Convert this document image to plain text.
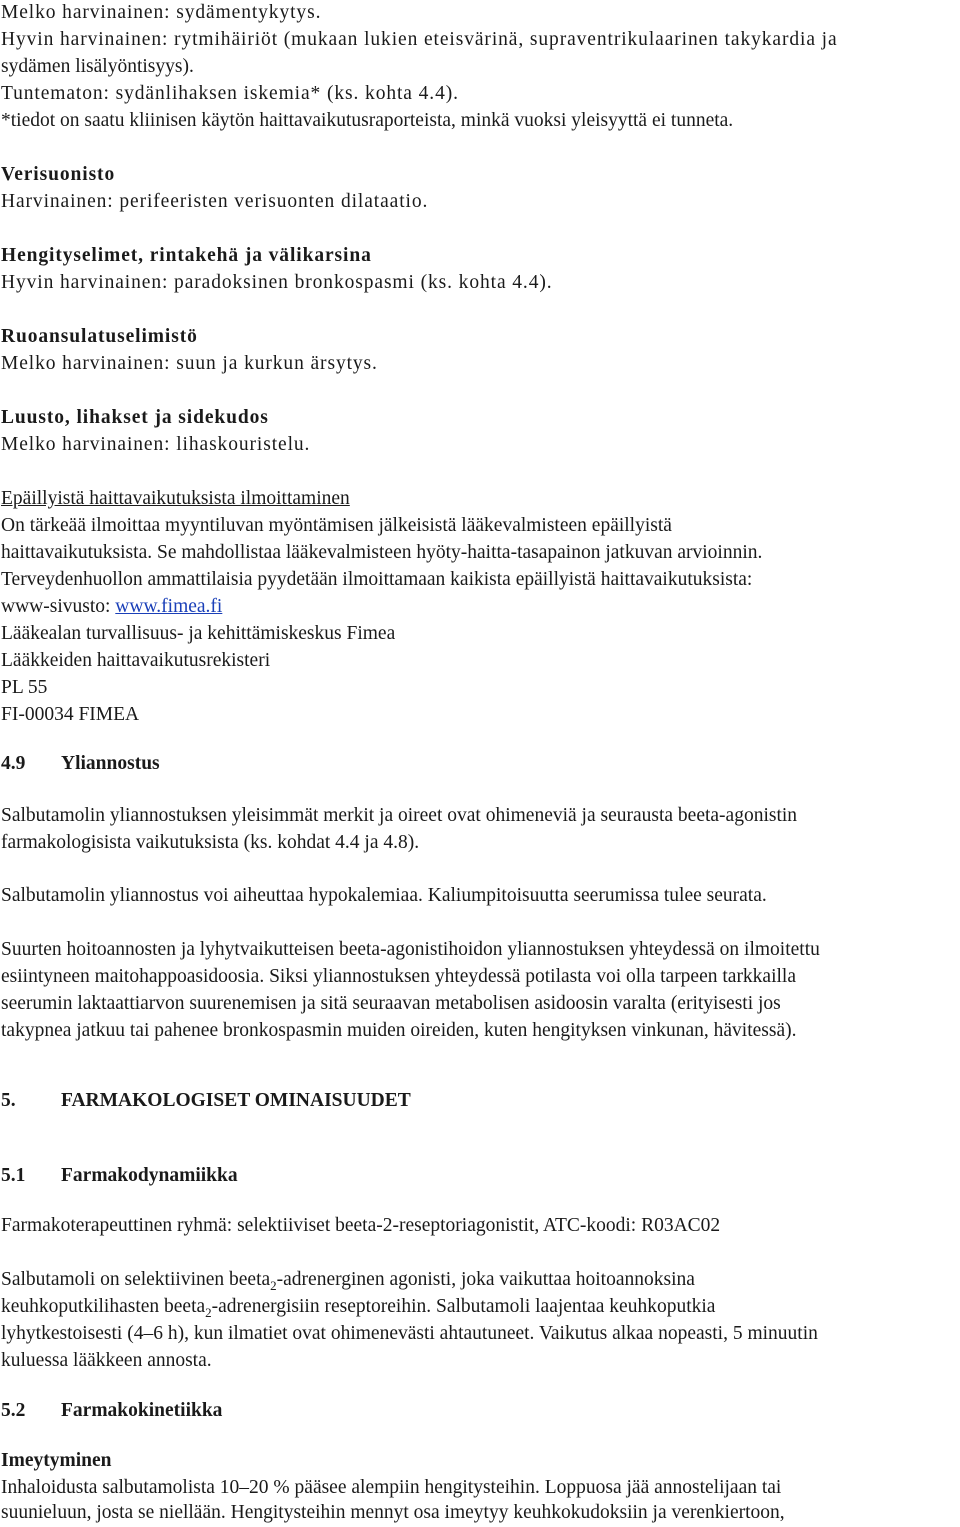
Melko harvinainen: sydämentykytys.
Hyvin harvinainen: rytmihäiriöt (mukaan lukien eteisvärinä, supraventrikulaarinen takykardia ja
sydämen lisälyöntisyys).
Tuntematon: sydänlihaksen iskemia* (ks. kohta 4.4).
*tiedot on saatu kliinisen käytön haittavaikutusraporteista, minkä vuoksi yleisyyttä ei tunneta.
Verisuonisto
Harvinainen: perifeeristen verisuonten dilataatio.
Hengityselimet, rintakehä ja välikarsina
Hyvin harvinainen: paradoksinen bronkospasmi (ks. kohta 4.4).
Ruoansulatuselimistö
Melko harvinainen: suun ja kurkun ärsytys.
Luusto, lihakset ja sidekudos
Melko harvinainen: lihaskouristelu.
Epäillyistä haittavaikutuksista ilmoittaminen
On tärkeää ilmoittaa myyntiluvan myöntämisen jälkeisistä lääkevalmisteen epäillyistä
haittavaikutuksista. Se mahdollistaa lääkevalmisteen hyöty-haitta-tasapainon jatkuvan arvioinnin.
Terveydenhuollon ammattilaisia pyydetään ilmoittamaan kaikista epäillyistä haittavaikutuksista:
www-sivusto: www.fimea.fi
Lääkealan turvallisuus- ja kehittämiskeskus Fimea
Lääkkeiden haittavaikutusrekisteri
PL 55
FI-00034 FIMEA
4.9 Yliannostus
Salbutamolin yliannostuksen yleisimmät merkit ja oireet ovat ohimeneviä ja seurausta beeta-agonistin
farmakologisista vaikutuksista (ks. kohdat 4.4 ja 4.8).
Salbutamolin yliannostus voi aiheuttaa hypokalemiaa. Kaliumpitoisuutta seerumissa tulee seurata.
Suurten hoitoannosten ja lyhytvaikutteisen beeta-agonistihoidon yliannostuksen yhteydessä on ilmoitettu
esiintyneen maitohappoasidoosia. Siksi yliannostuksen yhteydessä potilasta voi olla tarpeen tarkkailla
seerumin laktaattiarvon suurenemisen ja sitä seuraavan metabolisen asidoosin varalta (erityisesti jos
takypnea jatkuu tai pahenee bronkospasmin muiden oireiden, kuten hengityksen vinkunan, hävitessä).
5. FARMAKOLOGISET OMINAISUUDET
5.1 Farmakodynamiikka
Farmakoterapeuttinen ryhmä: selektiiviset beeta-2-reseptoriagonistit, ATC-koodi: R03AC02
Salbutamoli on selektiivinen beeta$_2$-adrenerginen agonisti, joka vaikuttaa hoitoannoksina
keuhkoputkilihasten beeta$_2$-adrenergisiin reseptoreihin. Salbutamoli laajentaa keuhkoputkia
lyhytkestoisesti (4–6 h), kun ilmatiet ovat ohimenevästi ahtautuneet. Vaikutus alkaa nopeasti, 5 minuutin
kuluessa lääkkeen annosta.
5.2 Farmakokinetiikka
Imeytyminen
Inhaloidusta salbutamolista 10–20 % pääsee alempiin hengitysteihin. Loppuosa jää annostelijaan tai
suunieluun, josta se niellään. Hengitysteihin mennyt osa imeytyy keuhkokudoksiin ja verenkiertoon,
